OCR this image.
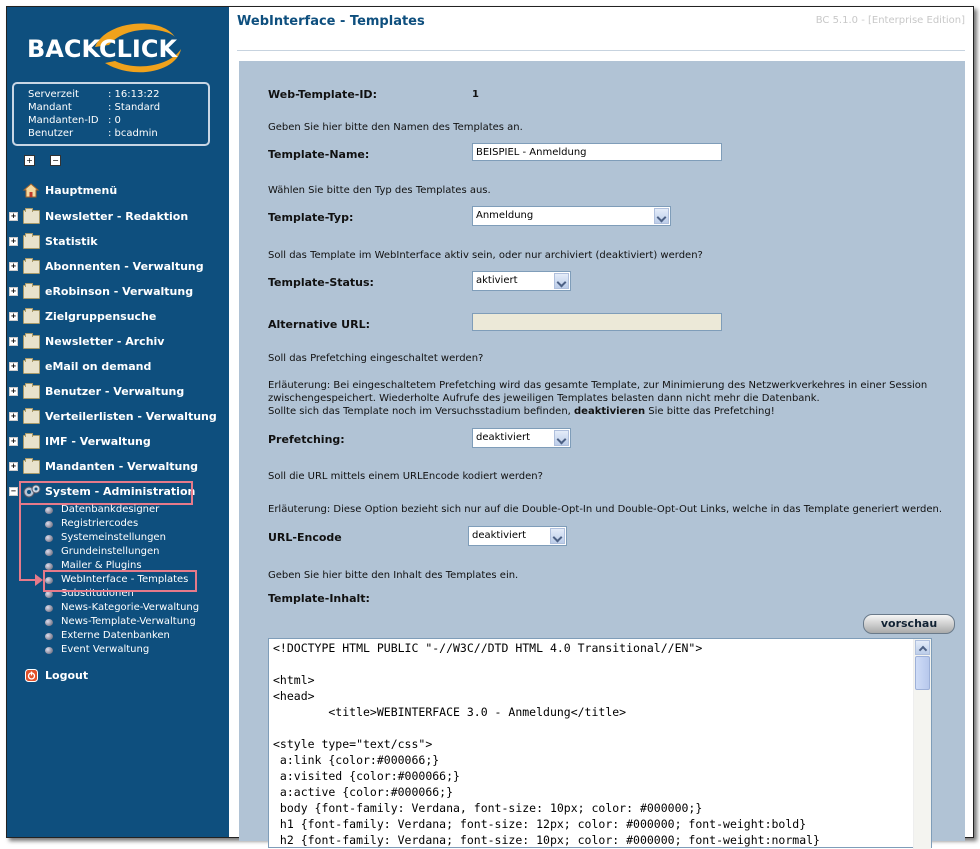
BACKCLICK
Serverzeit	: 16:13:22
Mandant	: Standard
Mandanten-ID : 0
Benutzer	: bcadmin
+ −
Hauptmenü
+	Newsletter - Redaktion
+	Statistik
+	Abonnenten - Verwaltung
+	eRobinson - Verwaltung
+	Zielgruppensuche
+	Newsletter - Archiv
+	eMail on demand
+	Benutzer - Verwaltung
+	Verteilerlisten - Verwaltung
+	IMF - Verwaltung
+	Mandanten - Verwaltung
−	System - Administration
Datenbankdesigner
Registriercodes
Systemeinstellungen
Grundeinstellungen
Mailer & Plugins
WebInterface - Templates
Substitutionen
News-Kategorie-Verwaltung
News-Template-Verwaltung
Externe Datenbanken
Event Verwaltung
Logout
WebInterface - Templates	BC 5.1.0 - [Enterprise Edition]
Web-Template-ID:	1
Geben Sie hier bitte den Namen des Templates an.
Template-Name:	BEISPIEL - Anmeldung
Wählen Sie bitte den Typ des Templates aus.
Template-Typ:	Anmeldung
Soll das Template im WebInterface aktiv sein, oder nur archiviert (deaktiviert) werden?
Template-Status:	aktiviert
Alternative URL:
Soll das Prefetching eingeschaltet werden?
Erläuterung: Bei eingeschaltetem Prefetching wird das gesamte Template, zur Minimierung des Netzwerkverkehres in einer Session
zwischengespeichert. Wiederholte Aufrufe des jeweiligen Templates belasten dann nicht mehr die Datenbank.
Sollte sich das Template noch im Versuchsstadium befinden, deaktivieren Sie bitte das Prefetching!
Prefetching:	deaktiviert
Soll die URL mittels einem URLEncode kodiert werden?
Erläuterung: Diese Option bezieht sich nur auf die Double-Opt-In und Double-Opt-Out Links, welche in das Template generiert werden.
URL-Encode	deaktiviert
Geben Sie hier bitte den Inhalt des Templates ein.
Template-Inhalt:
vorschau
<!DOCTYPE HTML PUBLIC "-//W3C//DTD HTML 4.0 Transitional//EN">
<html>
<head>
<title>WEBINTERFACE 3.0 - Anmeldung</title>
<style type="text/css">
a:link {color:#000066;}
a:visited {color:#000066;}
a:active {color:#000066;}
body {font-family: Verdana, font-size: 10px; color: #000000;}
h1 {font-family: Verdana; font-size: 12px; color: #000000; font-weight:bold}
h2 {font-family: Verdana; font-size: 10px; color: #000000; font-weight:normal}
